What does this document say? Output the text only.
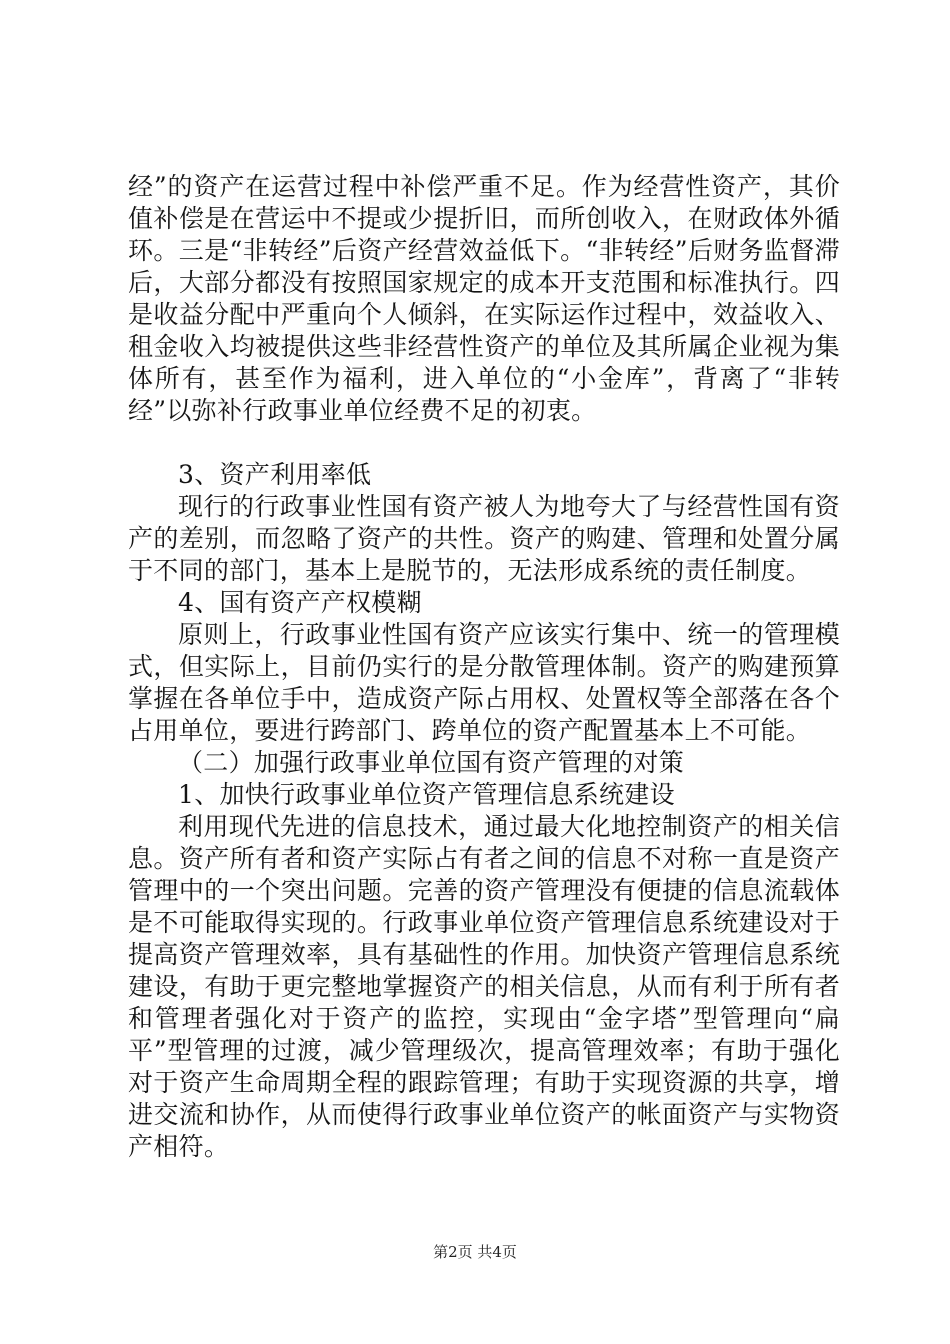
经”的资产在运营过程中补偿严重不足。作为经营性资产，其价值补偿是在营运中不提或少提折旧，而所创收入，在财政体外循环。三是“非转经”后资产经营效益低下。“非转经”后财务监督滞后，大部分都没有按照国家规定的成本开支范围和标准执行。四是收益分配中严重向个人倾斜，在实际运作过程中，效益收入、租金收入均被提供这些非经营性资产的单位及其所属企业视为集体所有，甚至作为福利，进入单位的“小金库”，背离了“非转经”以弥补行政事业单位经费不足的初衷。

3、资产利用率低

现行的行政事业性国有资产被人为地夸大了与经营性国有资产的差别，而忽略了资产的共性。资产的购建、管理和处置分属于不同的部门，基本上是脱节的，无法形成系统的责任制度。

4、国有资产产权模糊

原则上，行政事业性国有资产应该实行集中、统一的管理模式，但实际上，目前仍实行的是分散管理体制。资产的购建预算掌握在各单位手中，造成资产际占用权、处置权等全部落在各个占用单位，要进行跨部门、跨单位的资产配置基本上不可能。

（二）加强行政事业单位国有资产管理的对策

1、加快行政事业单位资产管理信息系统建设

利用现代先进的信息技术，通过最大化地控制资产的相关信息。资产所有者和资产实际占有者之间的信息不对称一直是资产管理中的一个突出问题。完善的资产管理没有便捷的信息流载体是不可能取得实现的。行政事业单位资产管理信息系统建设对于提高资产管理效率，具有基础性的作用。加快资产管理信息系统建设，有助于更完整地掌握资产的相关信息，从而有利于所有者和管理者强化对于资产的监控，实现由“金字塔”型管理向“扁平”型管理的过渡，减少管理级次，提高管理效率；有助于强化对于资产生命周期全程的跟踪管理；有助于实现资源的共享，增进交流和协作，从而使得行政事业单位资产的帐面资产与实物资产相符。

第2页 共4页
